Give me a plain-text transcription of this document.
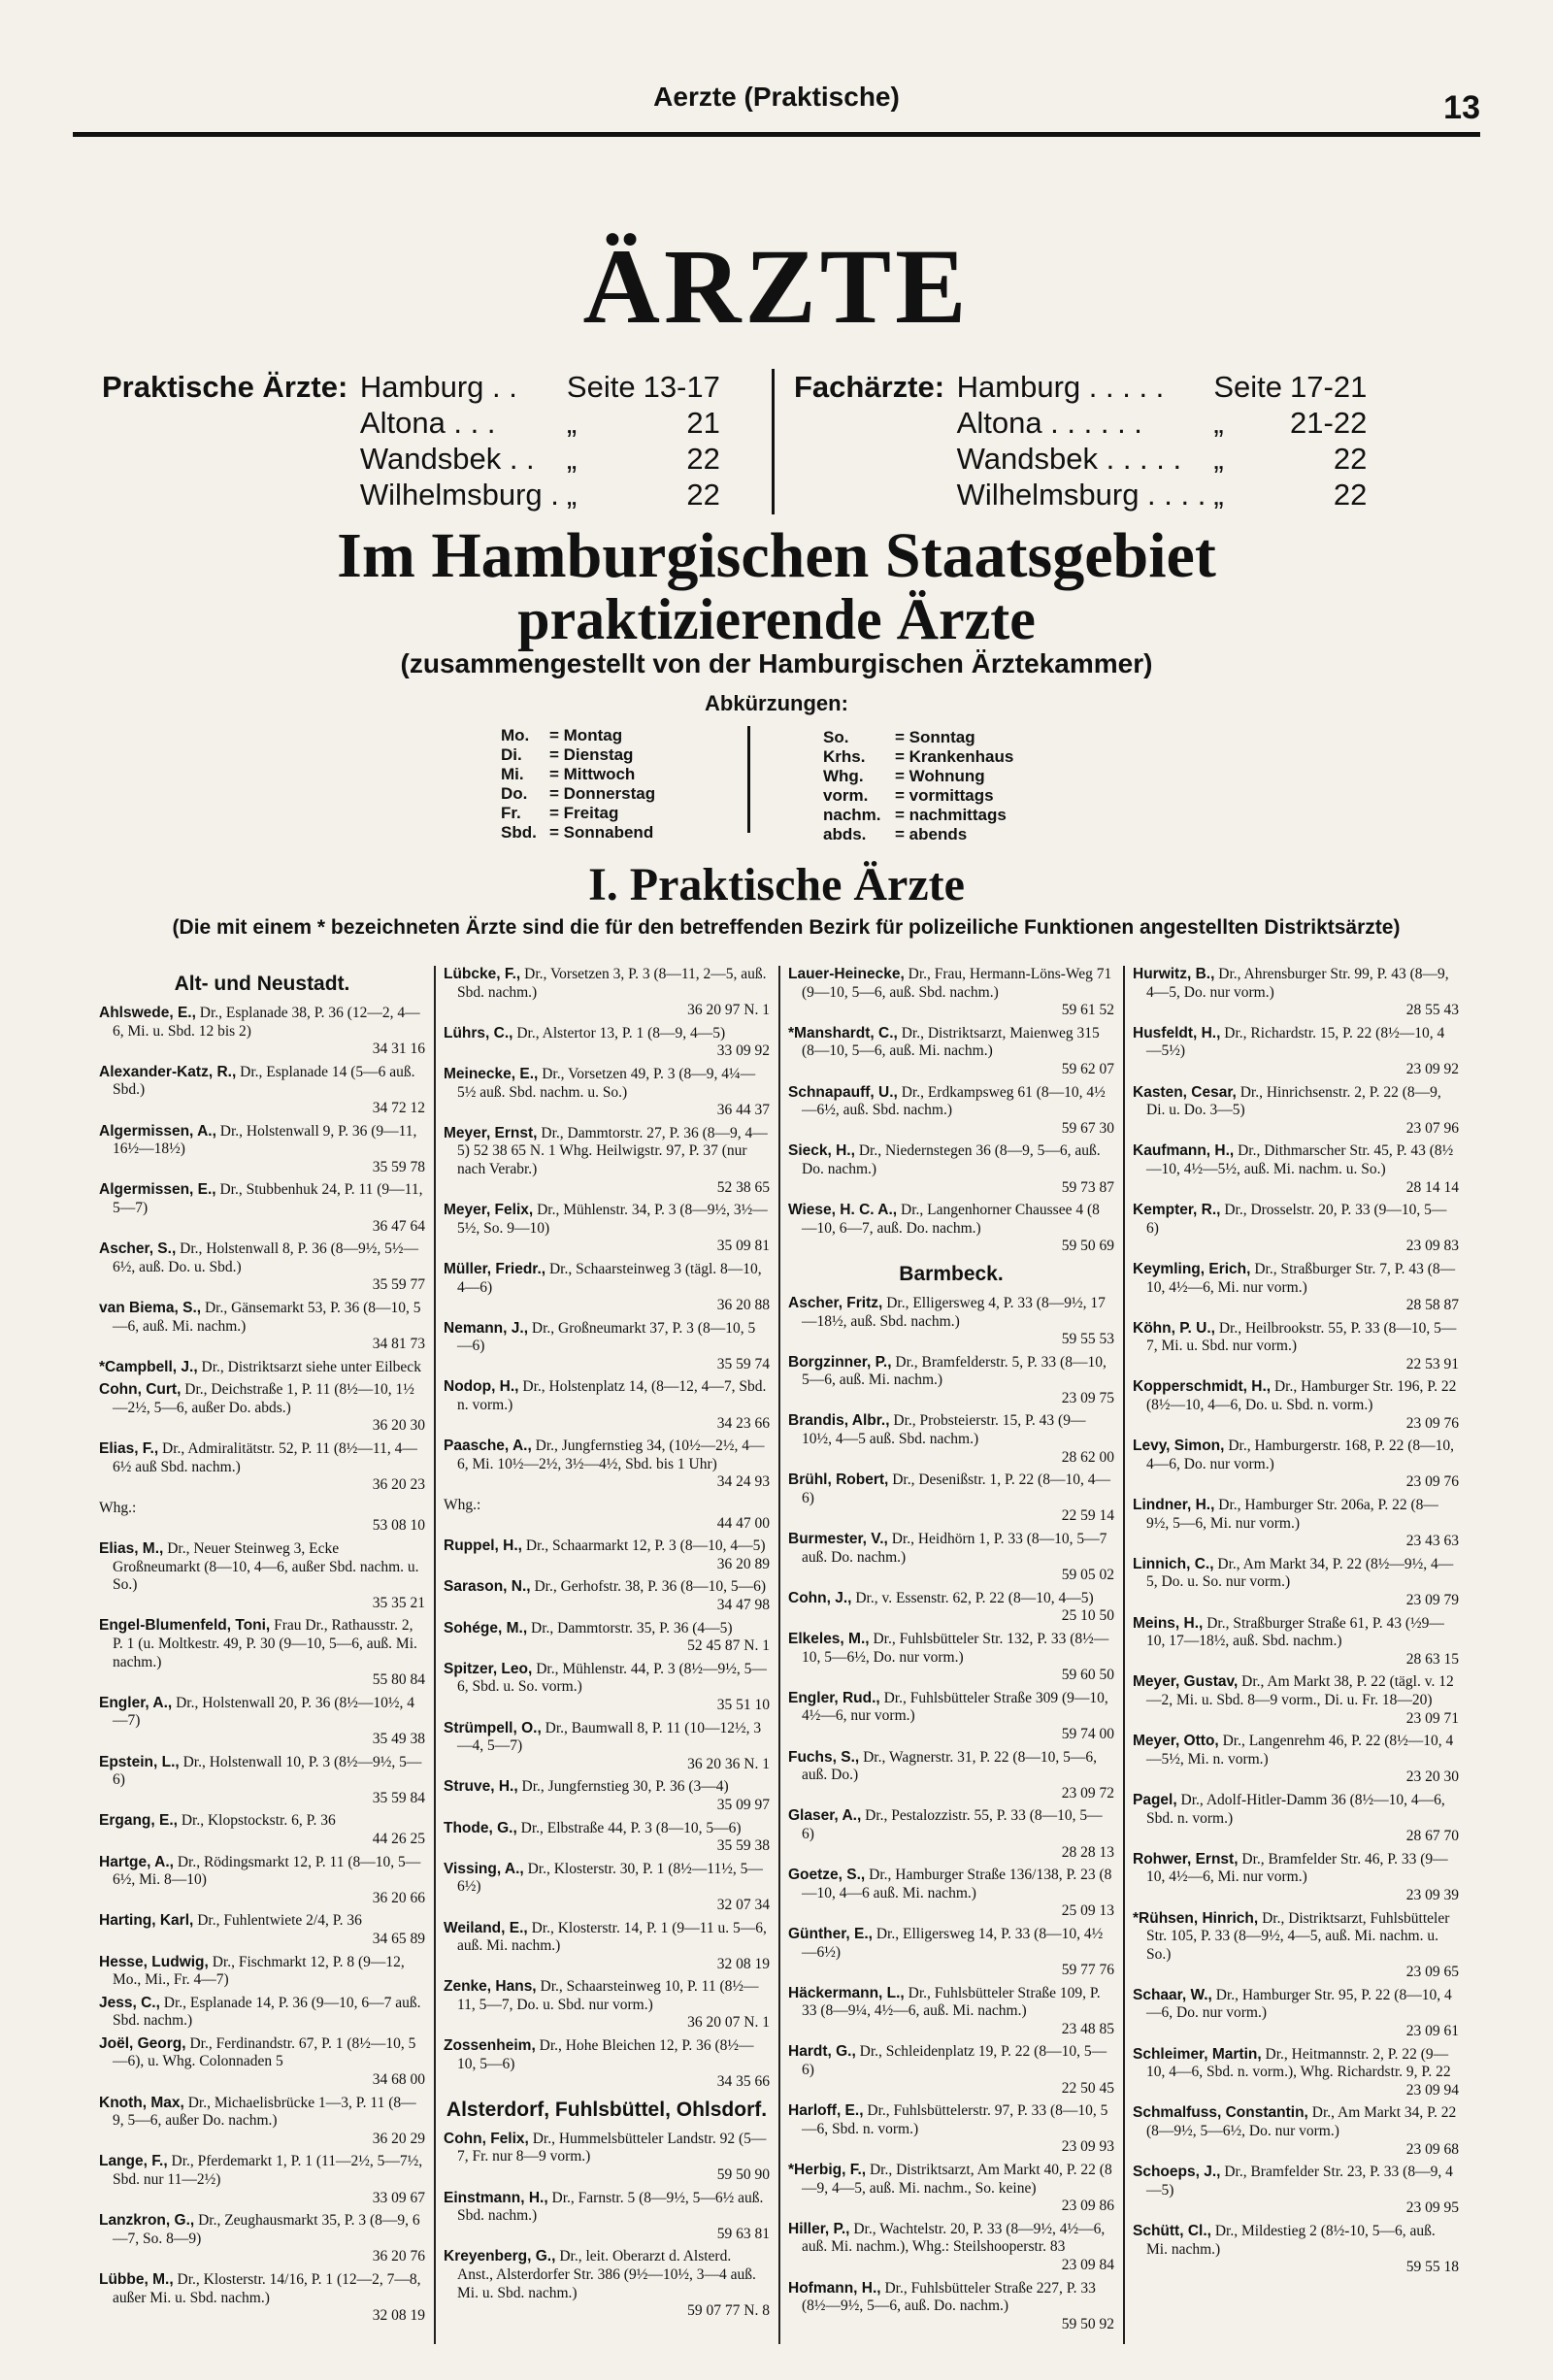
Aerzte (Praktische)	13
ÄRZTE
Praktische Ärzte: Hamburg . .	Seite	13-17
Altona . . .	„	21
Wandsbek . .	„	22
Wilhelmsburg .	„	22
Fachärzte: Hamburg . . . . .	Seite	17-21
Altona . . . . . .	„	21-22
Wandsbek . . . . .	„	22
Wilhelmsburg . . . .	„	22
Im Hamburgischen Staatsgebiet
praktizierende Ärzte
(zusammengestellt von der Hamburgischen Ärztekammer)
Abkürzungen:
Mo. = Montag
Di. = Dienstag
Mi. = Mittwoch
Do. = Donnerstag
Fr. = Freitag
Sbd. = Sonnabend
So.	= Sonntag
Krhs. = Krankenhaus
Whg. = Wohnung
vorm. = vormittags
nachm. = nachmittags
abds. = abends
I. Praktische Ärzte
(Die mit einem * bezeichneten Ärzte sind die für den betreffenden Bezirk für polizeiliche Funktionen angestellten Distriktsärzte)
Alt- und Neustadt.
Ahlswede, E., Dr., Esplanade 38, P. 36 (12—2, 4—6, Mi. u. Sbd. 12 bis 2)
34 31 16
Alexander-Katz, R., Dr., Esplanade 14 (5—6 auß. Sbd.)
34 72 12
Algermissen, A., Dr., Holstenwall 9, P. 36 (9—11, 16½—18½)
35 59 78
Algermissen, E., Dr., Stubbenhuk 24, P. 11 (9—11, 5—7)
36 47 64
Ascher, S., Dr., Holstenwall 8, P. 36 (8—9½, 5½—6½, auß. Do. u. Sbd.)
35 59 77
van Biema, S., Dr., Gänsemarkt 53, P. 36 (8—10, 5—6, auß. Mi. nachm.)
34 81 73
*Campbell, J., Dr., Distriktsarzt siehe unter Eilbeck
Cohn, Curt, Dr., Deichstraße 1, P. 11 (8½—10, 1½—2½, 5—6, außer Do. abds.)
36 20 30
Elias, F., Dr., Admiralitätstr. 52, P. 11 (8½—11, 4—6½ auß Sbd. nachm.)
36 20 23
Whg.:
53 08 10
Elias, M., Dr., Neuer Steinweg 3, Ecke Großneumarkt (8—10, 4—6, außer Sbd. nachm. u. So.)
35 35 21
Engel-Blumenfeld, Toni, Frau Dr., Rathausstr. 2, P. 1 (u. Moltkestr. 49, P. 30 (9—10, 5—6, auß. Mi. nachm.)
55 80 84
Engler, A., Dr., Holstenwall 20, P. 36 (8½—10½, 4—7)
35 49 38
Epstein, L., Dr., Holstenwall 10, P. 3 (8½—9½, 5—6)
35 59 84
Ergang, E., Dr., Klopstockstr. 6, P. 36
44 26 25
Hartge, A., Dr., Rödingsmarkt 12, P. 11 (8—10, 5—6½, Mi. 8—10)
36 20 66
Harting, Karl, Dr., Fuhlentwiete 2/4, P. 36
34 65 89
Hesse, Ludwig, Dr., Fischmarkt 12, P. 8 (9—12, Mo., Mi., Fr. 4—7)
Jess, C., Dr., Esplanade 14, P. 36 (9—10, 6—7 auß. Sbd. nachm.)
Joël, Georg, Dr., Ferdinandstr. 67, P. 1 (8½—10, 5—6), u. Whg. Colonnaden 5
34 68 00
Knoth, Max, Dr., Michaelisbrücke 1—3, P. 11 (8—9, 5—6, außer Do. nachm.)
36 20 29
Lange, F., Dr., Pferdemarkt 1, P. 1 (11—2½, 5—7½, Sbd. nur 11—2½)
33 09 67
Lanzkron, G., Dr., Zeughausmarkt 35, P. 3 (8—9, 6—7, So. 8—9)
36 20 76
Lübbe, M., Dr., Klosterstr. 14/16, P. 1 (12—2, 7—8, außer Mi. u. Sbd. nachm.)
32 08 19
Lübcke, F., Dr., Vorsetzen 3, P. 3 (8—11, 2—5, auß. Sbd. nachm.)
36 20 97 N. 1
Lührs, C., Dr., Alstertor 13, P. 1 (8—9, 4—5)
33 09 92
Meinecke, E., Dr., Vorsetzen 49, P. 3 (8—9, 4¼—5½ auß. Sbd. nachm. u. So.)
36 44 37
Meyer, Ernst, Dr., Dammtorstr. 27, P. 36 (8—9, 4—5) 52 38 65 N. 1 Whg. Heilwigstr. 97, P. 37 (nur nach Verabr.)
52 38 65
Meyer, Felix, Dr., Mühlenstr. 34, P. 3 (8—9½, 3½—5½, So. 9—10)
35 09 81
Müller, Friedr., Dr., Schaarsteinweg 3 (tägl. 8—10, 4—6)
36 20 88
Nemann, J., Dr., Großneumarkt 37, P. 3 (8—10, 5—6)
35 59 74
Nodop, H., Dr., Holstenplatz 14, (8—12, 4—7, Sbd. n. vorm.)
34 23 66
Paasche, A., Dr., Jungfernstieg 34, (10½—2½, 4—6, Mi. 10½—2½, 3½—4½, Sbd. bis 1 Uhr)
34 24 93
Whg.:
44 47 00
Ruppel, H., Dr., Schaarmarkt 12, P. 3 (8—10, 4—5)
36 20 89
Sarason, N., Dr., Gerhofstr. 38, P. 36 (8—10, 5—6)
34 47 98
Sohége, M., Dr., Dammtorstr. 35, P. 36 (4—5)
52 45 87 N. 1
Spitzer, Leo, Dr., Mühlenstr. 44, P. 3 (8½—9½, 5—6, Sbd. u. So. vorm.)
35 51 10
Strümpell, O., Dr., Baumwall 8, P. 11 (10—12½, 3—4, 5—7)
36 20 36 N. 1
Struve, H., Dr., Jungfernstieg 30, P. 36 (3—4)
35 09 97
Thode, G., Dr., Elbstraße 44, P. 3 (8—10, 5—6)
35 59 38
Vissing, A., Dr., Klosterstr. 30, P. 1 (8½—11½, 5—6½)
32 07 34
Weiland, E., Dr., Klosterstr. 14, P. 1 (9—11 u. 5—6, auß. Mi. nachm.)
32 08 19
Zenke, Hans, Dr., Schaarsteinweg 10, P. 11 (8½—11, 5—7, Do. u. Sbd. nur vorm.)
36 20 07 N. 1
Zossenheim, Dr., Hohe Bleichen 12, P. 36 (8½—10, 5—6)
34 35 66
Alsterdorf, Fuhlsbüttel, Ohlsdorf.
Cohn, Felix, Dr., Hummelsbütteler Landstr. 92 (5—7, Fr. nur 8—9 vorm.)
59 50 90
Einstmann, H., Dr., Farnstr. 5 (8—9½, 5—6½ auß. Sbd. nachm.)
59 63 81
Kreyenberg, G., Dr., leit. Oberarzt d. Alsterd. Anst., Alsterdorfer Str. 386 (9½—10½, 3—4 auß. Mi. u. Sbd. nachm.)
59 07 77 N. 8
Lauer-Heinecke, Dr., Frau, Hermann-Löns-Weg 71 (9—10, 5—6, auß. Sbd. nachm.)
59 61 52
*Manshardt, C., Dr., Distriktsarzt, Maienweg 315 (8—10, 5—6, auß. Mi. nachm.)
59 62 07
Schnapauff, U., Dr., Erdkampsweg 61 (8—10, 4½—6½, auß. Sbd. nachm.)
59 67 30
Sieck, H., Dr., Niedernstegen 36 (8—9, 5—6, auß. Do. nachm.)
59 73 87
Wiese, H. C. A., Dr., Langenhorner Chaussee 4 (8—10, 6—7, auß. Do. nachm.)
59 50 69
Barmbeck.
Ascher, Fritz, Dr., Elligersweg 4, P. 33 (8—9½, 17—18½, auß. Sbd. nachm.)
59 55 53
Borgzinner, P., Dr., Bramfelderstr. 5, P. 33 (8—10, 5—6, auß. Mi. nachm.)
23 09 75
Brandis, Albr., Dr., Probsteierstr. 15, P. 43 (9—10½, 4—5 auß. Sbd. nachm.)
28 62 00
Brühl, Robert, Dr., Desenißstr. 1, P. 22 (8—10, 4—6)
22 59 14
Burmester, V., Dr., Heidhörn 1, P. 33 (8—10, 5—7 auß. Do. nachm.)
59 05 02
Cohn, J., Dr., v. Essenstr. 62, P. 22 (8—10, 4—5)
25 10 50
Elkeles, M., Dr., Fuhlsbütteler Str. 132, P. 33 (8½—10, 5—6½, Do. nur vorm.)
59 60 50
Engler, Rud., Dr., Fuhlsbütteler Straße 309 (9—10, 4½—6, nur vorm.)
59 74 00
Fuchs, S., Dr., Wagnerstr. 31, P. 22 (8—10, 5—6, auß. Do.)
23 09 72
Glaser, A., Dr., Pestalozzistr. 55, P. 33 (8—10, 5—6)
28 28 13
Goetze, S., Dr., Hamburger Straße 136/138, P. 23 (8—10, 4—6 auß. Mi. nachm.)
25 09 13
Günther, E., Dr., Elligersweg 14, P. 33 (8—10, 4½—6½)
59 77 76
Häckermann, L., Dr., Fuhlsbütteler Straße 109, P. 33 (8—9¼, 4½—6, auß. Mi. nachm.)
23 48 85
Hardt, G., Dr., Schleidenplatz 19, P. 22 (8—10, 5—6)
22 50 45
Harloff, E., Dr., Fuhlsbüttelerstr. 97, P. 33 (8—10, 5—6, Sbd. n. vorm.)
23 09 93
*Herbig, F., Dr., Distriktsarzt, Am Markt 40, P. 22 (8—9, 4—5, auß. Mi. nachm., So. keine)
23 09 86
Hiller, P., Dr., Wachtelstr. 20, P. 33 (8—9½, 4½—6, auß. Mi. nachm.), Whg.: Steilshooperstr. 83
23 09 84
Hofmann, H., Dr., Fuhlsbütteler Straße 227, P. 33 (8½—9½, 5—6, auß. Do. nachm.)
59 50 92
Hurwitz, B., Dr., Ahrensburger Str. 99, P. 43 (8—9, 4—5, Do. nur vorm.)
28 55 43
Husfeldt, H., Dr., Richardstr. 15, P. 22 (8½—10, 4—5½)
23 09 92
Kasten, Cesar, Dr., Hinrichsenstr. 2, P. 22 (8—9, Di. u. Do. 3—5)
23 07 96
Kaufmann, H., Dr., Dithmarscher Str. 45, P. 43 (8½—10, 4½—5½, auß. Mi. nachm. u. So.)
28 14 14
Kempter, R., Dr., Drosselstr. 20, P. 33 (9—10, 5—6)
23 09 83
Keymling, Erich, Dr., Straßburger Str. 7, P. 43 (8—10, 4½—6, Mi. nur vorm.)
28 58 87
Köhn, P. U., Dr., Heilbrookstr. 55, P. 33 (8—10, 5—7, Mi. u. Sbd. nur vorm.)
22 53 91
Kopperschmidt, H., Dr., Hamburger Str. 196, P. 22 (8½—10, 4—6, Do. u. Sbd. n. vorm.)
23 09 76
Levy, Simon, Dr., Hamburgerstr. 168, P. 22 (8—10, 4—6, Do. nur vorm.)
23 09 76
Lindner, H., Dr., Hamburger Str. 206a, P. 22 (8—9½, 5—6, Mi. nur vorm.)
23 43 63
Linnich, C., Dr., Am Markt 34, P. 22 (8½—9½, 4—5, Do. u. So. nur vorm.)
23 09 79
Meins, H., Dr., Straßburger Straße 61, P. 43 (½9—10, 17—18½, auß. Sbd. nachm.)
28 63 15
Meyer, Gustav, Dr., Am Markt 38, P. 22 (tägl. v. 12—2, Mi. u. Sbd. 8—9 vorm., Di. u. Fr. 18—20)
23 09 71
Meyer, Otto, Dr., Langenrehm 46, P. 22 (8½—10, 4—5½, Mi. n. vorm.)
23 20 30
Pagel, Dr., Adolf-Hitler-Damm 36 (8½—10, 4—6, Sbd. n. vorm.)
28 67 70
Rohwer, Ernst, Dr., Bramfelder Str. 46, P. 33 (9—10, 4½—6, Mi. nur vorm.)
23 09 39
*Rühsen, Hinrich, Dr., Distriktsarzt, Fuhlsbütteler Str. 105, P. 33 (8—9½, 4—5, auß. Mi. nachm. u. So.)
23 09 65
Schaar, W., Dr., Hamburger Str. 95, P. 22 (8—10, 4—6, Do. nur vorm.)
23 09 61
Schleimer, Martin, Dr., Heitmannstr. 2, P. 22 (9—10, 4—6, Sbd. n. vorm.), Whg. Richardstr. 9, P. 22
23 09 94
Schmalfuss, Constantin, Dr., Am Markt 34, P. 22 (8—9½, 5—6½, Do. nur vorm.)
23 09 68
Schoeps, J., Dr., Bramfelder Str. 23, P. 33 (8—9, 4—5)
23 09 95
Schütt, Cl., Dr., Mildestieg 2 (8½-10, 5—6, auß. Mi. nachm.)
59 55 18
